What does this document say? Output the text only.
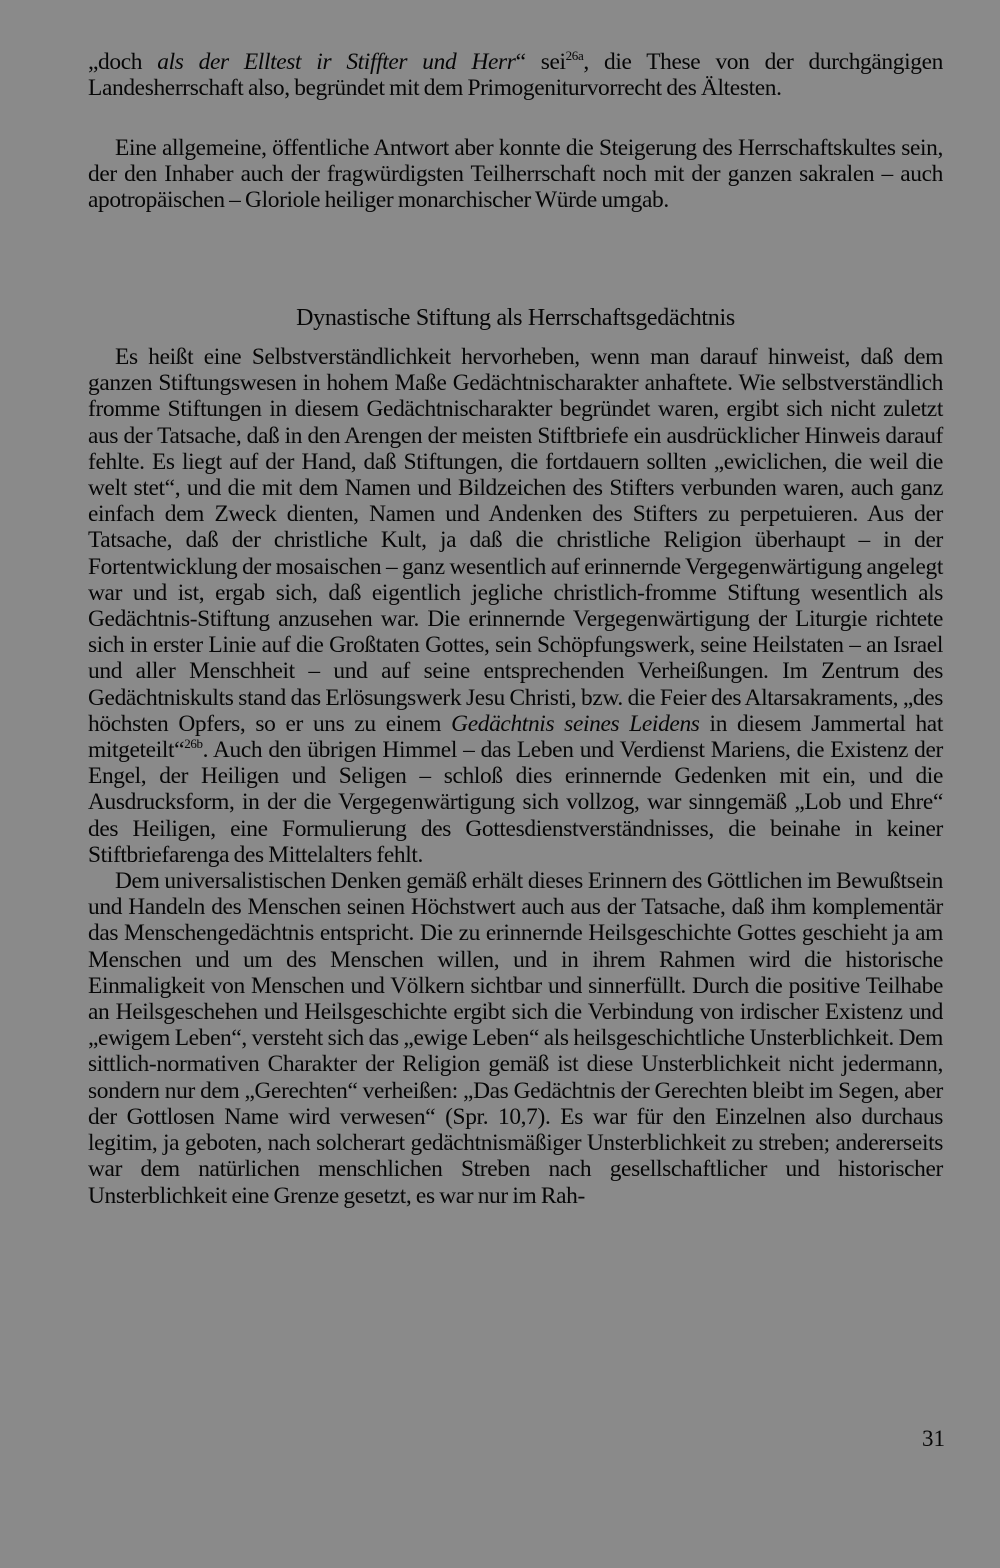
„doch als der Elltest ir Stiffter und Herr“ sei$^{26a}$, die These von der durchgängigen Landesherrschaft also, begründet mit dem Primogeniturvorrecht des Ältesten.

Eine allgemeine, öffentliche Antwort aber konnte die Steigerung des Herrschaftskultes sein, der den Inhaber auch der fragwürdigsten Teilherrschaft noch mit der ganzen sakralen – auch apotropäischen – Gloriole heiliger monarchischer Würde umgab.

Dynastische Stiftung als Herrschaftsgedächtnis

Es heißt eine Selbstverständlichkeit hervorheben, wenn man darauf hinweist, daß dem ganzen Stiftungswesen in hohem Maße Gedächtnischarakter anhaftete. Wie selbstverständlich fromme Stiftungen in diesem Gedächtnischarakter begründet waren, ergibt sich nicht zuletzt aus der Tatsache, daß in den Arengen der meisten Stiftbriefe ein ausdrücklicher Hinweis darauf fehlte. Es liegt auf der Hand, daß Stiftungen, die fortdauern sollten „ewiclichen, die weil die welt stet“, und die mit dem Namen und Bildzeichen des Stifters verbunden waren, auch ganz einfach dem Zweck dienten, Namen und Andenken des Stifters zu perpetuieren. Aus der Tatsache, daß der christliche Kult, ja daß die christliche Religion überhaupt – in der Fortentwicklung der mosaischen – ganz wesentlich auf erinnernde Vergegenwärtigung angelegt war und ist, ergab sich, daß eigentlich jegliche christlich-fromme Stiftung wesentlich als Gedächtnis-Stiftung anzusehen war. Die erinnernde Vergegenwärtigung der Liturgie richtete sich in erster Linie auf die Großtaten Gottes, sein Schöpfungswerk, seine Heilstaten – an Israel und aller Menschheit – und auf seine entsprechenden Verheißungen. Im Zentrum des Gedächtniskults stand das Erlösungswerk Jesu Christi, bzw. die Feier des Altarsakraments, „des höchsten Opfers, so er uns zu einem Gedächtnis seines Leidens in diesem Jammertal hat mitgeteilt“$^{26b}$. Auch den übrigen Himmel – das Leben und Verdienst Mariens, die Existenz der Engel, der Heiligen und Seligen – schloß dies erinnernde Gedenken mit ein, und die Ausdrucksform, in der die Vergegenwärtigung sich vollzog, war sinngemäß „Lob und Ehre“ des Heiligen, eine Formulierung des Gottesdienstverständnisses, die beinahe in keiner Stiftbriefarenga des Mittelalters fehlt.

Dem universalistischen Denken gemäß erhält dieses Erinnern des Göttlichen im Bewußtsein und Handeln des Menschen seinen Höchstwert auch aus der Tatsache, daß ihm komplementär das Menschengedächtnis entspricht. Die zu erinnernde Heilsgeschichte Gottes geschieht ja am Menschen und um des Menschen willen, und in ihrem Rahmen wird die historische Einmaligkeit von Menschen und Völkern sichtbar und sinnerfüllt. Durch die positive Teilhabe an Heilsgeschehen und Heilsgeschichte ergibt sich die Verbindung von irdischer Existenz und „ewigem Leben“, versteht sich das „ewige Leben“ als heilsgeschichtliche Unsterblichkeit. Dem sittlich-normativen Charakter der Religion gemäß ist diese Unsterblichkeit nicht jedermann, sondern nur dem „Gerechten“ verheißen: „Das Gedächtnis der Gerechten bleibt im Segen, aber der Gottlosen Name wird verwesen“ (Spr. 10,7). Es war für den Einzelnen also durchaus legitim, ja geboten, nach solcherart gedächtnismäßiger Unsterblichkeit zu streben; andererseits war dem natürlichen menschlichen Streben nach gesellschaftlicher und historischer Unsterblichkeit eine Grenze gesetzt, es war nur im Rah-

31
